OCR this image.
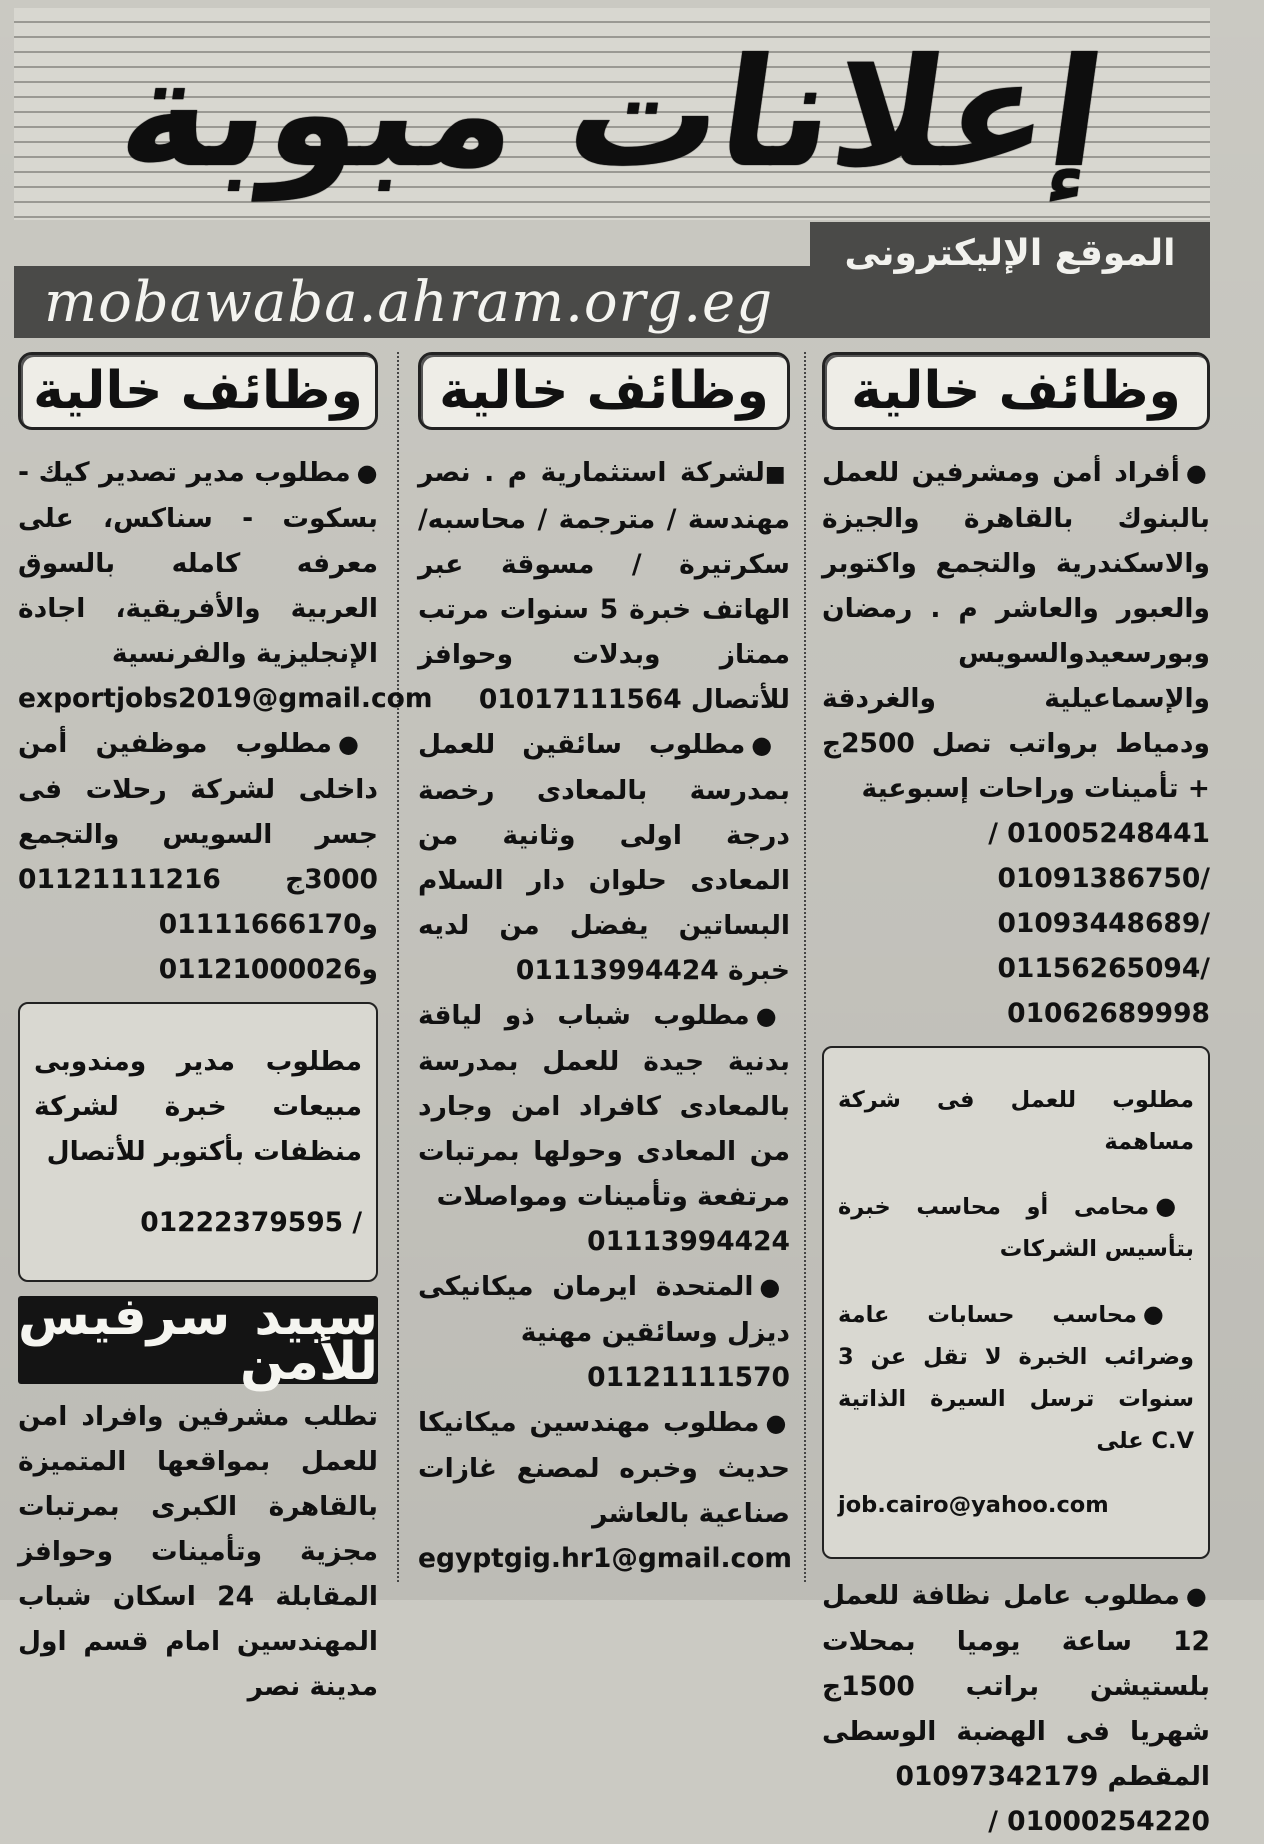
إعلانات مبوبة
mobawaba.ahram.org.eg
الموقع الإليكترونى
وظائف خالية

●أفراد أمن ومشرفين للعمل بالبنوك بالقاهرة والجيزة والاسكندرية والتجمع واكتوبر والعبور والعاشر م . رمضان وبورسعيدوالسويس والإسماعيلية والغردقة ودمياط برواتب تصل 2500ج + تأمينات وراحات إسبوعية

/ 01005248441

01091386750/ 01093448689/

01156265094/ 01062689998

مطلوب للعمل فى شركة مساهمة

●محامى أو محاسب خبرة بتأسيس الشركات

●محاسب حسابات عامة وضرائب الخبرة لا تقل عن 3 سنوات ترسل السيرة الذاتية C.V على

job.cairo@yahoo.com

●مطلوب عامل نظافة للعمل 12 ساعة يوميا بمحلات بلستيشن براتب 1500ج شهريا فى الهضبة الوسطى المقطم 01097342179

/ 01000254220

وظائف خالية

■لشركة استثمارية م . نصر مهندسة / مترجمة / محاسبه/ سكرتيرة / مسوقة عبر الهاتف خبرة 5 سنوات مرتب ممتاز وبدلات وحوافز للأتصال 01017111564

●مطلوب سائقين للعمل بمدرسة بالمعادى رخصة درجة اولى وثانية من المعادى حلوان دار السلام البساتين يفضل من لديه خبرة 01113994424

●مطلوب شباب ذو لياقة بدنية جيدة للعمل بمدرسة بالمعادى كافراد امن وجارد من المعادى وحولها بمرتبات مرتفعة وتأمينات ومواصلات

01113994424

●المتحدة ايرمان ميكانيكى ديزل وسائقين مهنية

01121111570

●مطلوب مهندسين ميكانيكا حديث وخبره لمصنع غازات صناعية بالعاشر

egyptgig.hr1@gmail.com

وظائف خالية

●مطلوب مدير تصدير كيك - بسكوت - سناكس، على معرفه كامله بالسوق العربية والأفريقية، اجادة الإنجليزية والفرنسية

exportjobs2019@gmail.com

●مطلوب موظفين أمن داخلى لشركة رحلات فى جسر السويس والتجمع 3000ج 01121111216 و01111666170 و01121000026

مطلوب مدير ومندوبى مبيعات خبرة لشركة منظفات بأكتوبر للأتصال

01222379595 /

سبيد سرفيس للأمن

تطلب مشرفين وافراد امن للعمل بمواقعها المتميزة بالقاهرة الكبرى بمرتبات مجزية وتأمينات وحوافز المقابلة 24 اسكان شباب المهندسين امام قسم اول مدينة نصر
